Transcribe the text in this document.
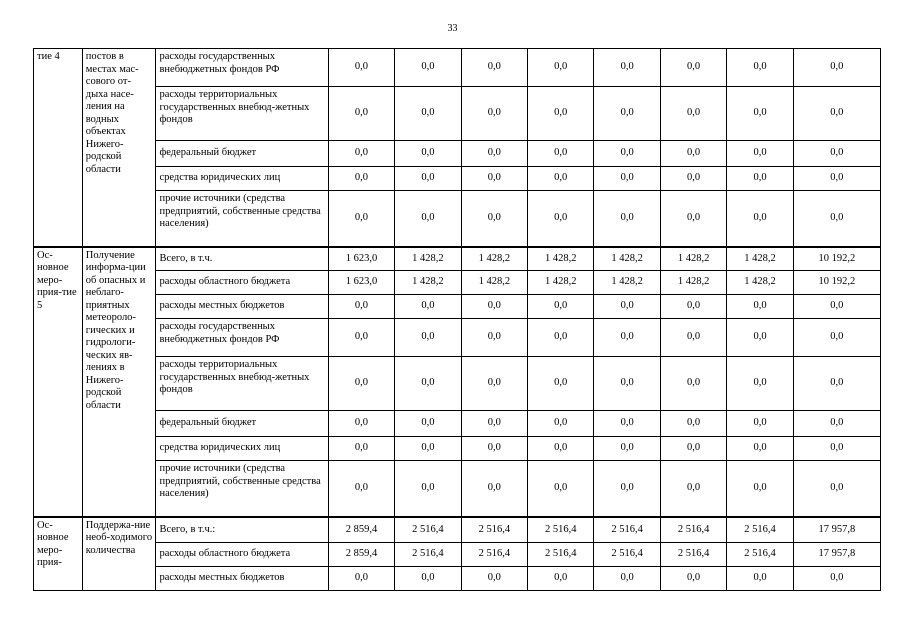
33
тие 4	постов в местах мас-сового от-дыха насе-ления на водных объектах Нижего-родской области	расходы государственных внебюджетных фондов РФ	0,0	0,0	0,0	0,0	0,0	0,0	0,0	0,0
		расходы территориальных государственных внебюд-жетных фондов	0,0	0,0	0,0	0,0	0,0	0,0	0,0	0,0
		федеральный бюджет	0,0	0,0	0,0	0,0	0,0	0,0	0,0	0,0
		средства юридических лиц	0,0	0,0	0,0	0,0	0,0	0,0	0,0	0,0
		прочие источники (средства предприятий, собственные средства населения)	0,0	0,0	0,0	0,0	0,0	0,0	0,0	0,0
Ос-новное меро-прия-тие 5	Получение информа-ции об опасных и неблаго-приятных метеороло-гических и гидрологи-ческих яв-лениях в Нижего-родской области	Всего, в т.ч.	1 623,0	1 428,2	1 428,2	1 428,2	1 428,2	1 428,2	1 428,2	10 192,2
		расходы областного бюджета	1 623,0	1 428,2	1 428,2	1 428,2	1 428,2	1 428,2	1 428,2	10 192,2
		расходы местных бюджетов	0,0	0,0	0,0	0,0	0,0	0,0	0,0	0,0
		расходы государственных внебюджетных фондов РФ	0,0	0,0	0,0	0,0	0,0	0,0	0,0	0,0
		расходы территориальных государственных внебюд-жетных фондов	0,0	0,0	0,0	0,0	0,0	0,0	0,0	0,0
		федеральный бюджет	0,0	0,0	0,0	0,0	0,0	0,0	0,0	0,0
		средства юридических лиц	0,0	0,0	0,0	0,0	0,0	0,0	0,0	0,0
		прочие источники (средства предприятий, собственные средства населения)	0,0	0,0	0,0	0,0	0,0	0,0	0,0	0,0
Ос-новное меро-прия-	Поддержа-ние необ-ходимого количества	Всего, в т.ч.:	2 859,4	2 516,4	2 516,4	2 516,4	2 516,4	2 516,4	2 516,4	17 957,8
		расходы областного бюджета	2 859,4	2 516,4	2 516,4	2 516,4	2 516,4	2 516,4	2 516,4	17 957,8
		расходы местных бюджетов	0,0	0,0	0,0	0,0	0,0	0,0	0,0	0,0
